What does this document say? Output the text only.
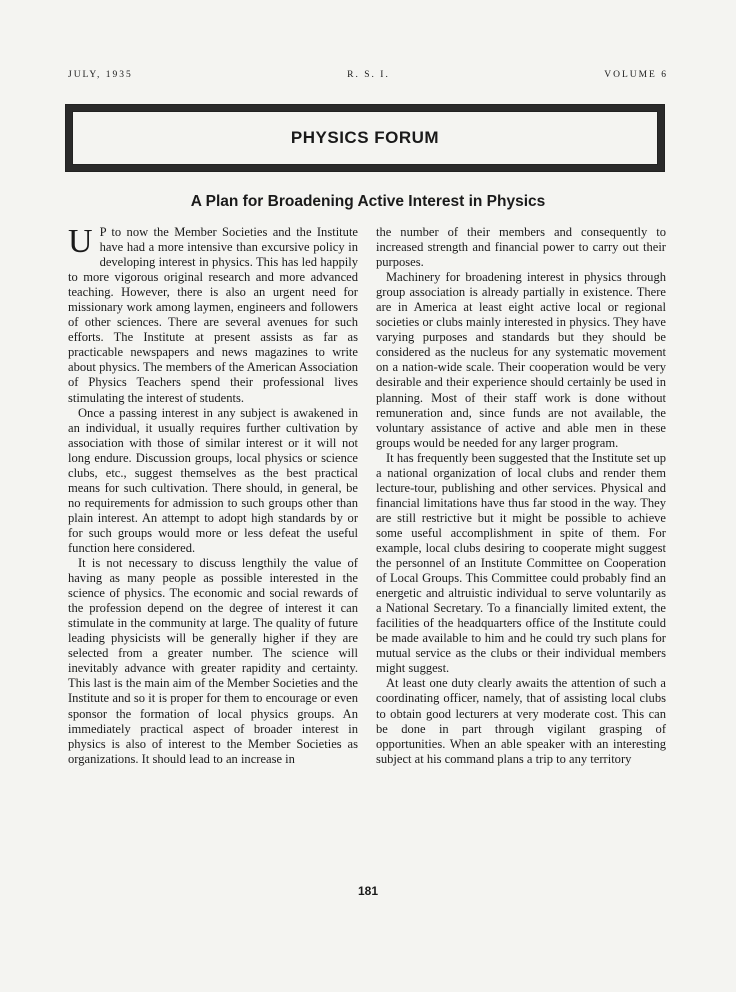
JULY, 1935	R. S. I.	VOLUME 6
PHYSICS FORUM
A Plan for Broadening Active Interest in Physics

U P to now the Member Societies and the Institute have had a more intensive than excursive policy in developing interest in physics. This has led happily to more vigorous original research and more advanced teaching. However, there is also an urgent need for missionary work among laymen, engineers and followers of other sciences. There are several avenues for such efforts. The Institute at present assists as far as practicable newspapers and news magazines to write about physics. The members of the American Association of Physics Teachers spend their professional lives stimulating the interest of students.

Once a passing interest in any subject is awakened in an individual, it usually requires further cultivation by association with those of similar interest or it will not long endure. Discussion groups, local physics or science clubs, etc., suggest themselves as the best practical means for such cultivation. There should, in general, be no requirements for admission to such groups other than plain interest. An attempt to adopt high standards by or for such groups would more or less defeat the useful function here considered.

It is not necessary to discuss lengthily the value of having as many people as possible interested in the science of physics. The economic and social rewards of the profession depend on the degree of interest it can stimulate in the community at large. The quality of future leading physicists will be generally higher if they are selected from a greater number. The science will inevitably advance with greater rapidity and certainty. This last is the main aim of the Member Societies and the Institute and so it is proper for them to encourage or even sponsor the formation of local physics groups. An immediately practical aspect of broader interest in physics is also of interest to the Member Societies as organizations. It should lead to an increase in

the number of their members and consequently to increased strength and financial power to carry out their purposes.

Machinery for broadening interest in physics through group association is already partially in existence. There are in America at least eight active local or regional societies or clubs mainly interested in physics. They have varying purposes and standards but they should be considered as the nucleus for any systematic movement on a nation-wide scale. Their cooperation would be very desirable and their experience should certainly be used in planning. Most of their staff work is done without remuneration and, since funds are not available, the voluntary assistance of active and able men in these groups would be needed for any larger program.

It has frequently been suggested that the Institute set up a national organization of local clubs and render them lecture-tour, publishing and other services. Physical and financial limitations have thus far stood in the way. They are still restrictive but it might be possible to achieve some useful accomplishment in spite of them. For example, local clubs desiring to cooperate might suggest the personnel of an Institute Committee on Cooperation of Local Groups. This Committee could probably find an energetic and altruistic individual to serve voluntarily as a National Secretary. To a financially limited extent, the facilities of the headquarters office of the Institute could be made available to him and he could try such plans for mutual service as the clubs or their individual members might suggest.

At least one duty clearly awaits the attention of such a coordinating officer, namely, that of assisting local clubs to obtain good lecturers at very moderate cost. This can be done in part through vigilant grasping of opportunities. When an able speaker with an interesting subject at his command plans a trip to any territory

181
